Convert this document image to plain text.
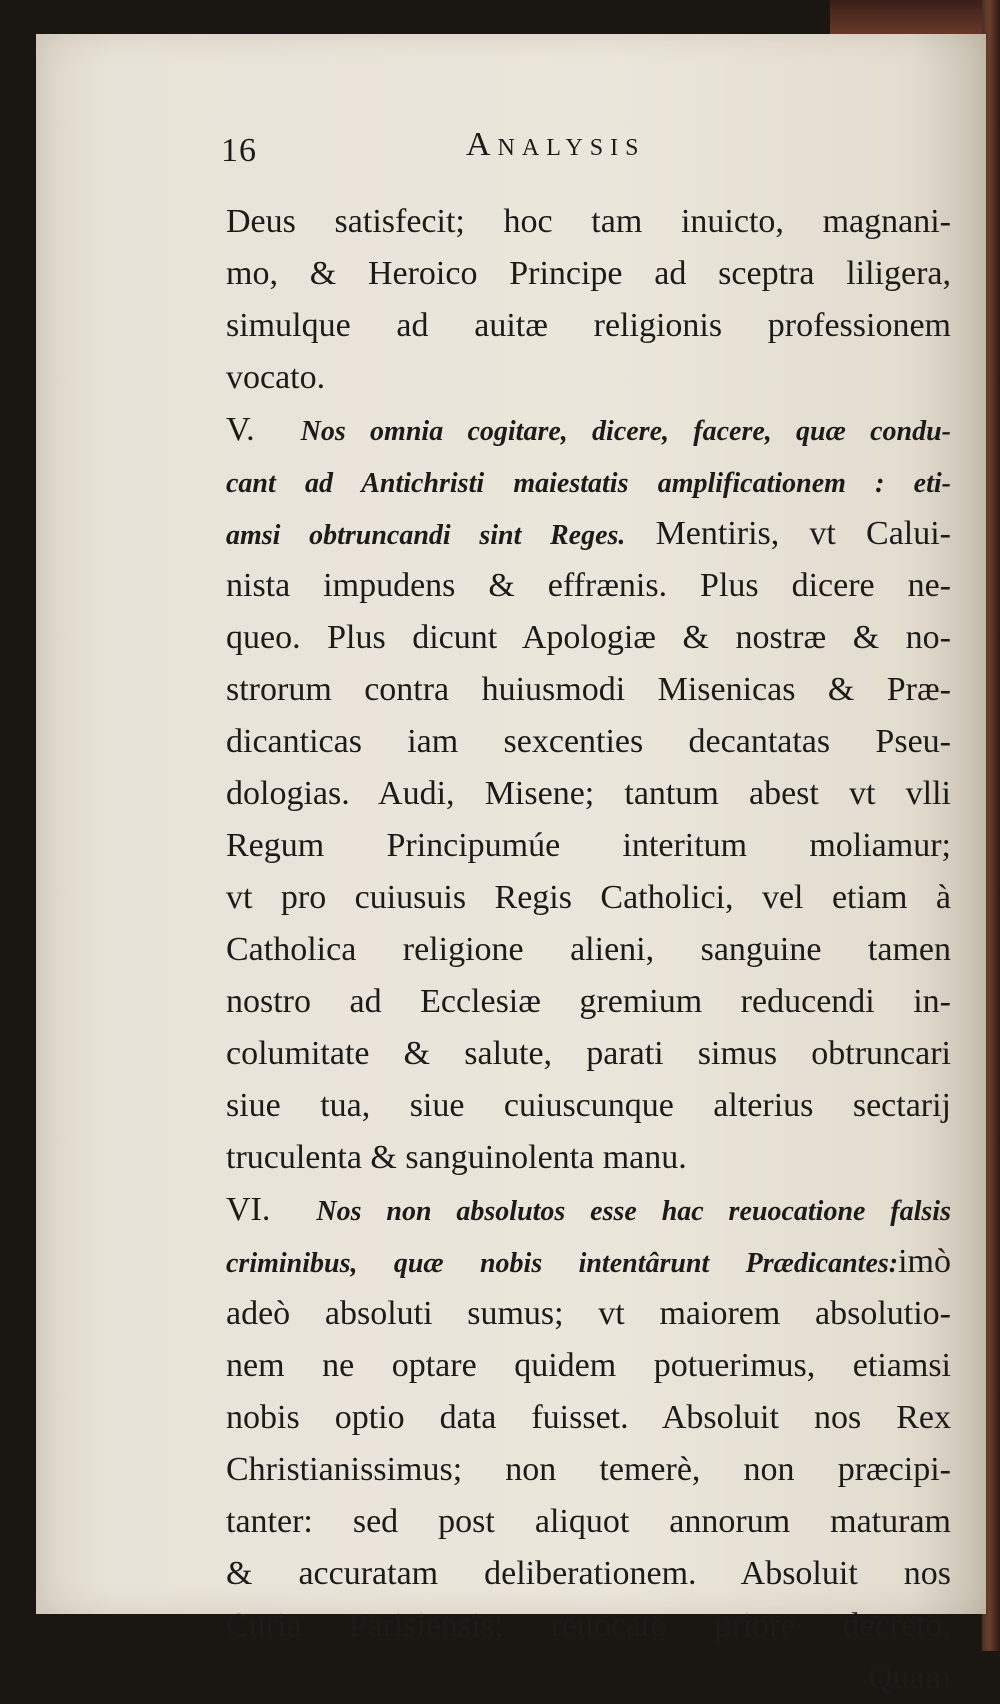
16	Analysis
Deus satisfecit; hoc tam inuicto, magnani-
mo, & Heroico Principe ad sceptra liligera,
simulque ad auitæ religionis professionem
vocato.
V. Nos omnia cogitare, dicere, facere, quæ condu-
cant ad Antichristi maiestatis amplificationem : eti-
amsi obtruncandi sint Reges. Mentiris, vt Calui-
nista impudens & effrænis. Plus dicere ne-
queo. Plus dicunt Apologiæ & nostræ & no-
strorum contra huiusmodi Misenicas & Præ-
dicanticas iam sexcenties decantatas Pseu-
dologias. Audi, Misene; tantum abest vt vlli
Regum Principumúe interitum moliamur;
vt pro cuiusuis Regis Catholici, vel etiam à
Catholica religione alieni, sanguine tamen
nostro ad Ecclesiæ gremium reducendi in-
columitate & salute, parati simus obtruncari
siue tua, siue cuiuscunque alterius sectarij
truculenta & sanguinolenta manu.
VI. Nos non absolutos esse hac reuocatione falsis
criminibus, quæ nobis intentârunt Prædicantes:imò
adeò absoluti sumus; vt maiorem absolutio-
nem ne optare quidem potuerimus, etiamsi
nobis optio data fuisset. Absoluit nos Rex
Christianissimus; non temerè, non præcipi-
tanter: sed post aliquot annorum maturam
& accuratam deliberationem. Absoluit nos
Curia Parisiensis; reuocato priore decreto.
Quam
